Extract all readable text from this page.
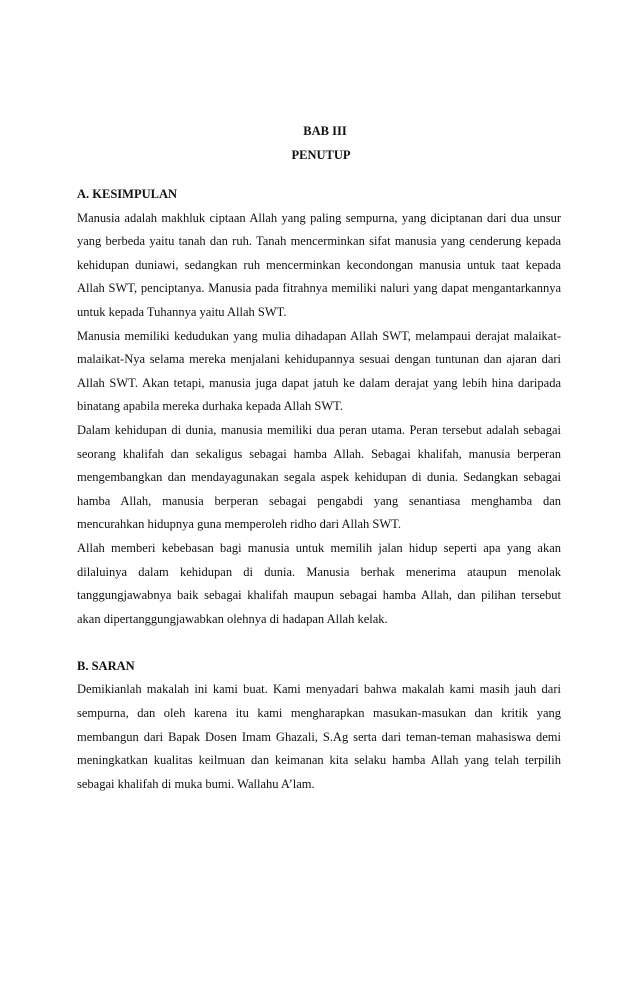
BAB III
PENUTUP
A. KESIMPULAN

Manusia adalah makhluk ciptaan Allah yang paling sempurna, yang diciptanan dari dua unsur yang berbeda yaitu tanah dan ruh. Tanah mencerminkan sifat manusia yang cenderung kepada kehidupan duniawi, sedangkan ruh mencerminkan kecondongan manusia untuk taat kepada Allah SWT, penciptanya. Manusia pada fitrahnya memiliki naluri yang dapat mengantarkannya untuk kepada Tuhannya yaitu Allah SWT.

Manusia memiliki kedudukan yang mulia dihadapan Allah SWT, melampaui derajat malaikat-malaikat-Nya selama mereka menjalani kehidupannya sesuai dengan tuntunan dan ajaran dari Allah SWT. Akan tetapi, manusia juga dapat jatuh ke dalam derajat yang lebih hina daripada binatang apabila mereka durhaka kepada Allah SWT.

Dalam kehidupan di dunia, manusia memiliki dua peran utama. Peran tersebut adalah sebagai seorang khalifah dan sekaligus sebagai hamba Allah. Sebagai khalifah, manusia berperan mengembangkan dan mendayagunakan segala aspek kehidupan di dunia. Sedangkan sebagai hamba Allah, manusia berperan sebagai pengabdi yang senantiasa menghamba dan mencurahkan hidupnya guna memperoleh ridho dari Allah SWT.

Allah memberi kebebasan bagi manusia untuk memilih jalan hidup seperti apa yang akan dilaluinya dalam kehidupan di dunia. Manusia berhak menerima ataupun menolak tanggungjawabnya baik sebagai khalifah maupun sebagai hamba Allah, dan pilihan tersebut akan dipertanggungjawabkan olehnya di hadapan Allah kelak.

B. SARAN

Demikianlah makalah ini kami buat. Kami menyadari bahwa makalah kami masih jauh dari sempurna, dan oleh karena itu kami mengharapkan masukan-masukan dan kritik yang membangun dari Bapak Dosen Imam Ghazali, S.Ag serta dari teman-teman mahasiswa demi meningkatkan kualitas keilmuan dan keimanan kita selaku hamba Allah yang telah terpilih sebagai khalifah di muka bumi. Wallahu A’lam.
